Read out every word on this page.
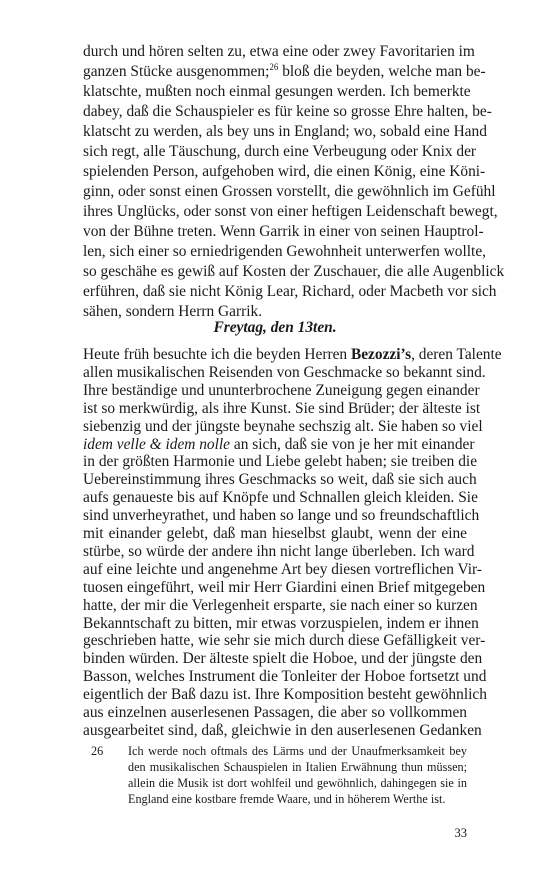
durch und hören selten zu, etwa eine oder zwey Favoritarien im
ganzen Stücke ausgenommen;$^{26}$ bloß die beyden, welche man be-
klatschte, mußten noch einmal gesungen werden. Ich bemerkte
dabey, daß die Schauspieler es für keine so grosse Ehre halten, be-
klatscht zu werden, als bey uns in England; wo, sobald eine Hand
sich regt, alle Täuschung, durch eine Verbeugung oder Knix der
spielenden Person, aufgehoben wird, die einen König, eine Köni-
ginn, oder sonst einen Grossen vorstellt, die gewöhnlich im Gefühl
ihres Unglücks, oder sonst von einer heftigen Leidenschaft bewegt,
von der Bühne treten. Wenn Garrik in einer von seinen Hauptrol-
len, sich einer so erniedrigenden Gewohnheit unterwerfen wollte,
so geschähe es gewiß auf Kosten der Zuschauer, die alle Augenblick
erführen, daß sie nicht König Lear, Richard, oder Macbeth vor sich
sähen, sondern Herrn Garrik.
Freytag, den 13ten.
Heute früh besuchte ich die beyden Herren Bezozzi’s, deren Talente
allen musikalischen Reisenden von Geschmacke so bekannt sind.
Ihre beständige und ununterbrochene Zuneigung gegen einander
ist so merkwürdig, als ihre Kunst. Sie sind Brüder; der älteste ist
siebenzig und der jüngste beynahe sechszig alt. Sie haben so viel
idem velle & idem nolle an sich, daß sie von je her mit einander
in der größten Harmonie und Liebe gelebt haben; sie treiben die
Uebereinstimmung ihres Geschmacks so weit, daß sie sich auch
aufs genaueste bis auf Knöpfe und Schnallen gleich kleiden. Sie
sind unverheyrathet, und haben so lange und so freundschaftlich
mit einander gelebt, daß man hieselbst glaubt, wenn der eine
stürbe, so würde der andere ihn nicht lange überleben. Ich ward
auf eine leichte und angenehme Art bey diesen vortreflichen Vir-
tuosen eingeführt, weil mir Herr Giardini einen Brief mitgegeben
hatte, der mir die Verlegenheit ersparte, sie nach einer so kurzen
Bekanntschaft zu bitten, mir etwas vorzuspielen, indem er ihnen
geschrieben hatte, wie sehr sie mich durch diese Gefälligkeit ver-
binden würden. Der älteste spielt die Hoboe, und der jüngste den
Basson, welches Instrument die Tonleiter der Hoboe fortsetzt und
eigentlich der Baß dazu ist. Ihre Komposition besteht gewöhnlich
aus einzelnen auserlesenen Passagen, die aber so vollkommen
ausgearbeitet sind, daß, gleichwie in den auserlesenen Gedanken
26 Ich werde noch oftmals des Lärms und der Unaufmerksamkeit bey
den musikalischen Schauspielen in Italien Erwähnung thun müssen;
allein die Musik ist dort wohlfeil und gewöhnlich, dahingegen sie in
England eine kostbare fremde Waare, und in höherem Werthe ist.
33
